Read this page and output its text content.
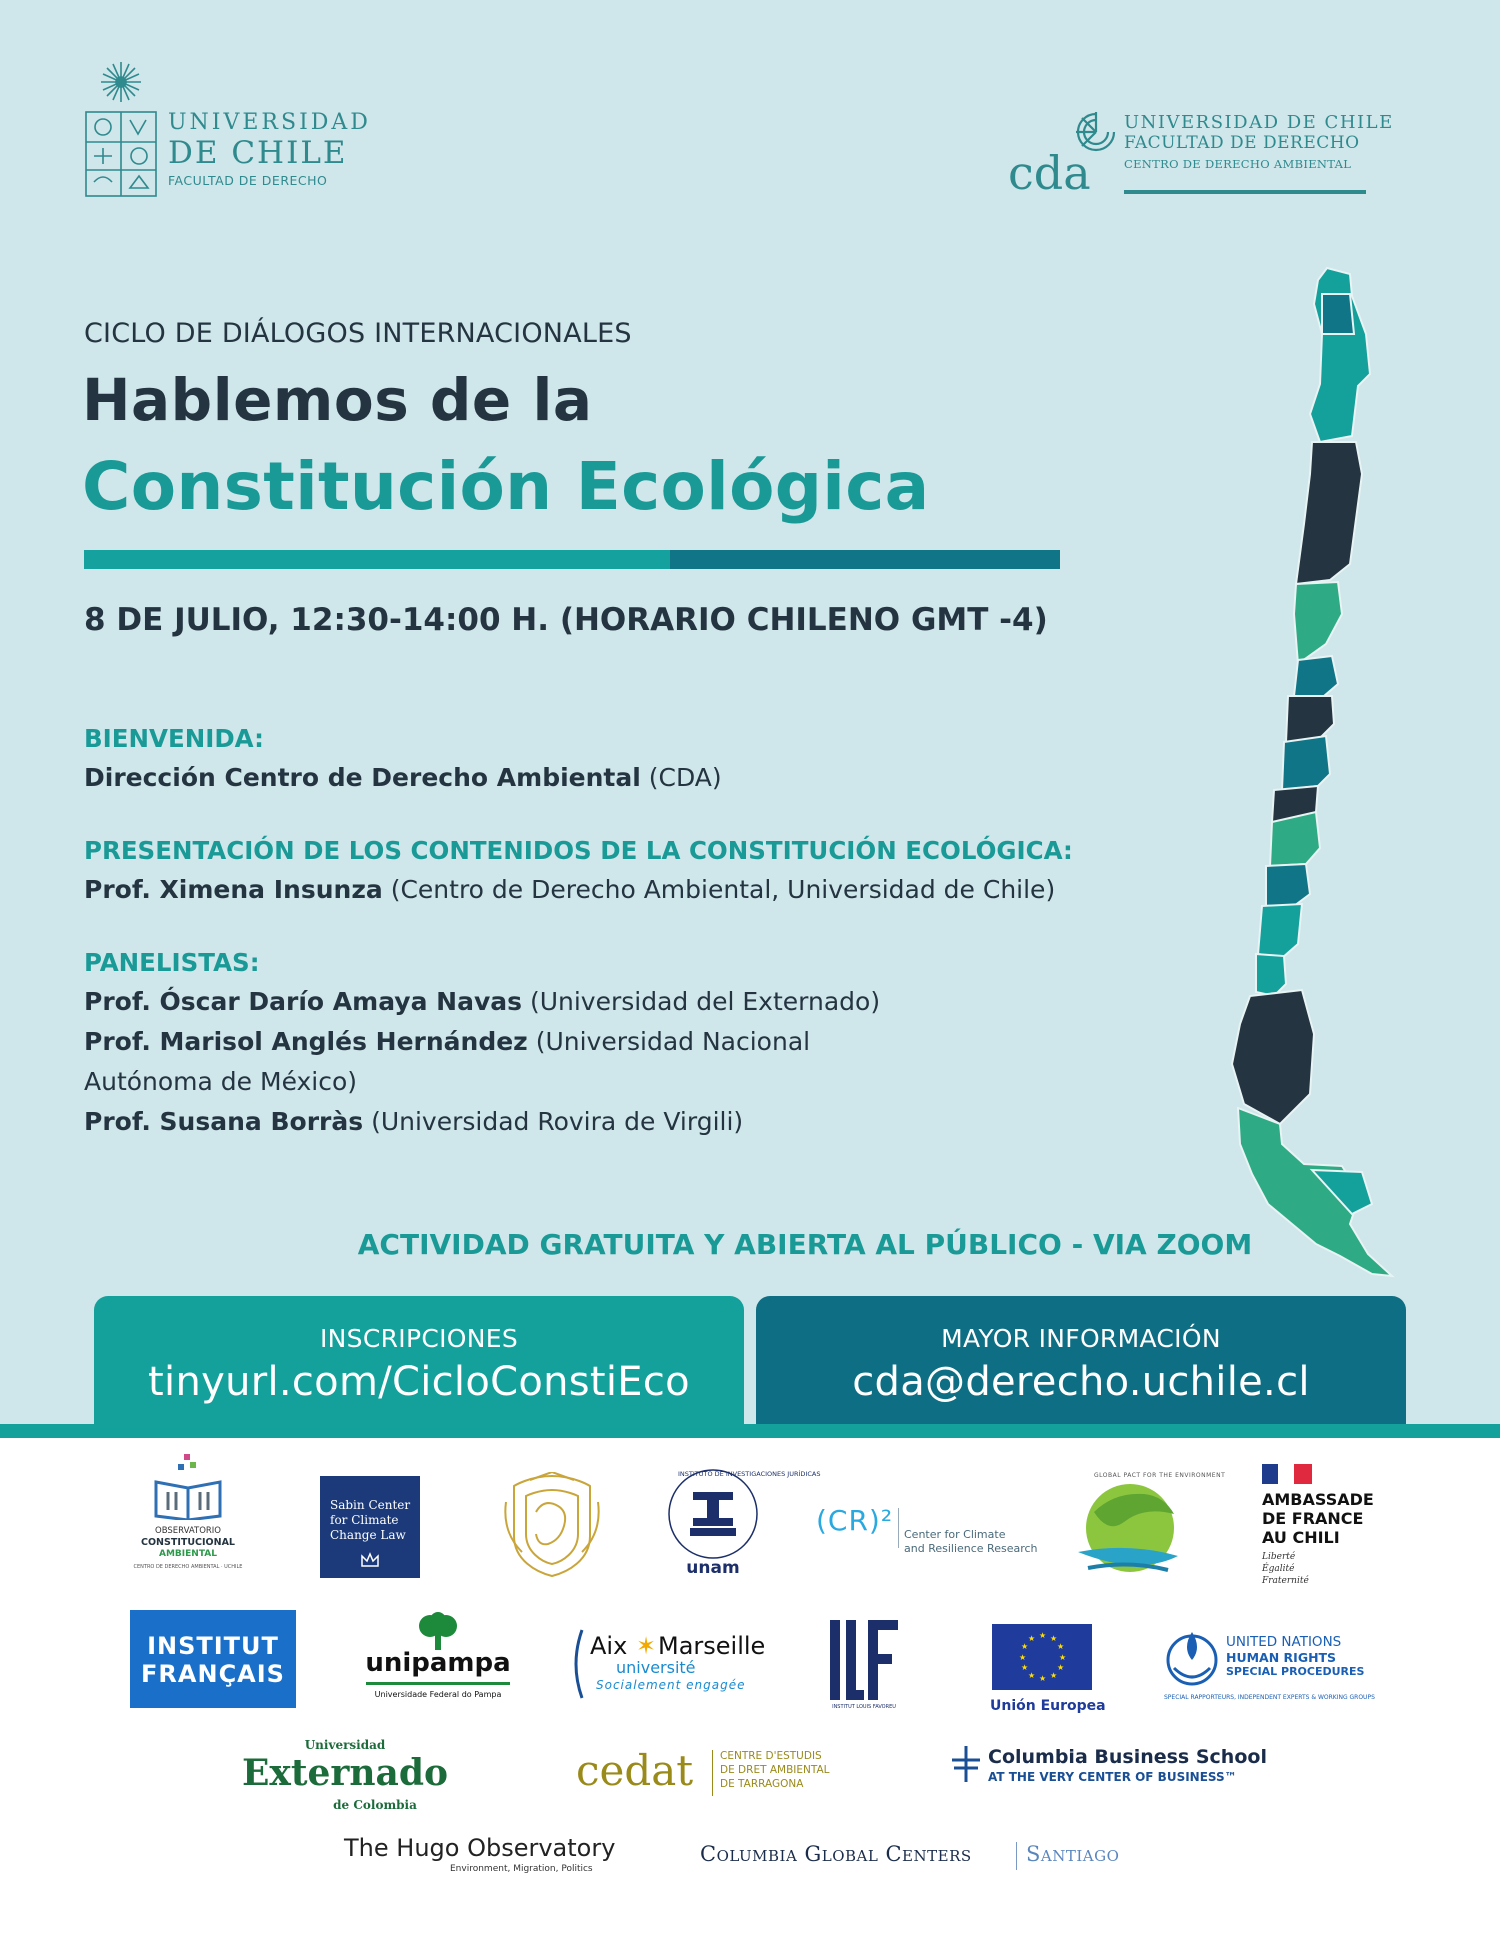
UNIVERSIDAD
DE CHILE
FACULTAD DE DERECHO	cda
UNIVERSIDAD DE CHILE
FACULTAD DE DERECHO
CENTRO DE DERECHO AMBIENTAL
CICLO DE DIÁLOGOS INTERNACIONALES
Hablemos de la
Constitución Ecológica
8 DE JULIO, 12:30-14:00 H. (HORARIO CHILENO GMT -4)
BIENVENIDA:
Dirección Centro de Derecho Ambiental (CDA)
PRESENTACIÓN DE LOS CONTENIDOS DE LA CONSTITUCIÓN ECOLÓGICA:
Prof. Ximena Insunza (Centro de Derecho Ambiental, Universidad de Chile)
PANELISTAS:
Prof. Óscar Darío Amaya Navas (Universidad del Externado)
Prof. Marisol Anglés Hernández (Universidad Nacional
Autónoma de México)
Prof. Susana Borràs (Universidad Rovira de Virgili)
ACTIVIDAD GRATUITA Y ABIERTA AL PÚBLICO - VIA ZOOM
INSCRIPCIONES
tinyurl.com/CicloConstiEco
MAYOR INFORMACIÓN
cda@derecho.uchile.cl
OBSERVATORIO
CONSTITUCIONAL
AMBIENTAL
CENTRO DE DERECHO AMBIENTAL · UCHILE
Sabin Center
for Climate
Change Law
INSTITUTO DE INVESTIGACIONES JURÍDICAS
unam
(CR)² Center for Climate
and Resilience Research
GLOBAL PACT FOR THE ENVIRONMENT
AMBASSADE
DE FRANCE
AU CHILI
Liberté
Égalité
Fraternité
INSTITUT
FRANÇAIS	unipampa
Universidade Federal do Pampa
Aix ✶ Marseille
université
Socialement engagée
INSTITUT LOUIS FAVOREU
★ ★
★
★
★
★
★
★
★
★
★
★
Unión Europea
UNITED NATIONS
HUMAN RIGHTS
SPECIAL PROCEDURES
SPECIAL RAPPORTEURS, INDEPENDENT EXPERTS & WORKING GROUPS
Universidad
Externado
de Colombia
cedat	CENTRE D'ESTUDIS
DE DRET AMBIENTAL
DE TARRAGONA
Columbia Business School
AT THE VERY CENTER OF BUSINESS™
The Hugo Observatory
Environment, Migration, Politics
Columbia Global Centers	Santiago
